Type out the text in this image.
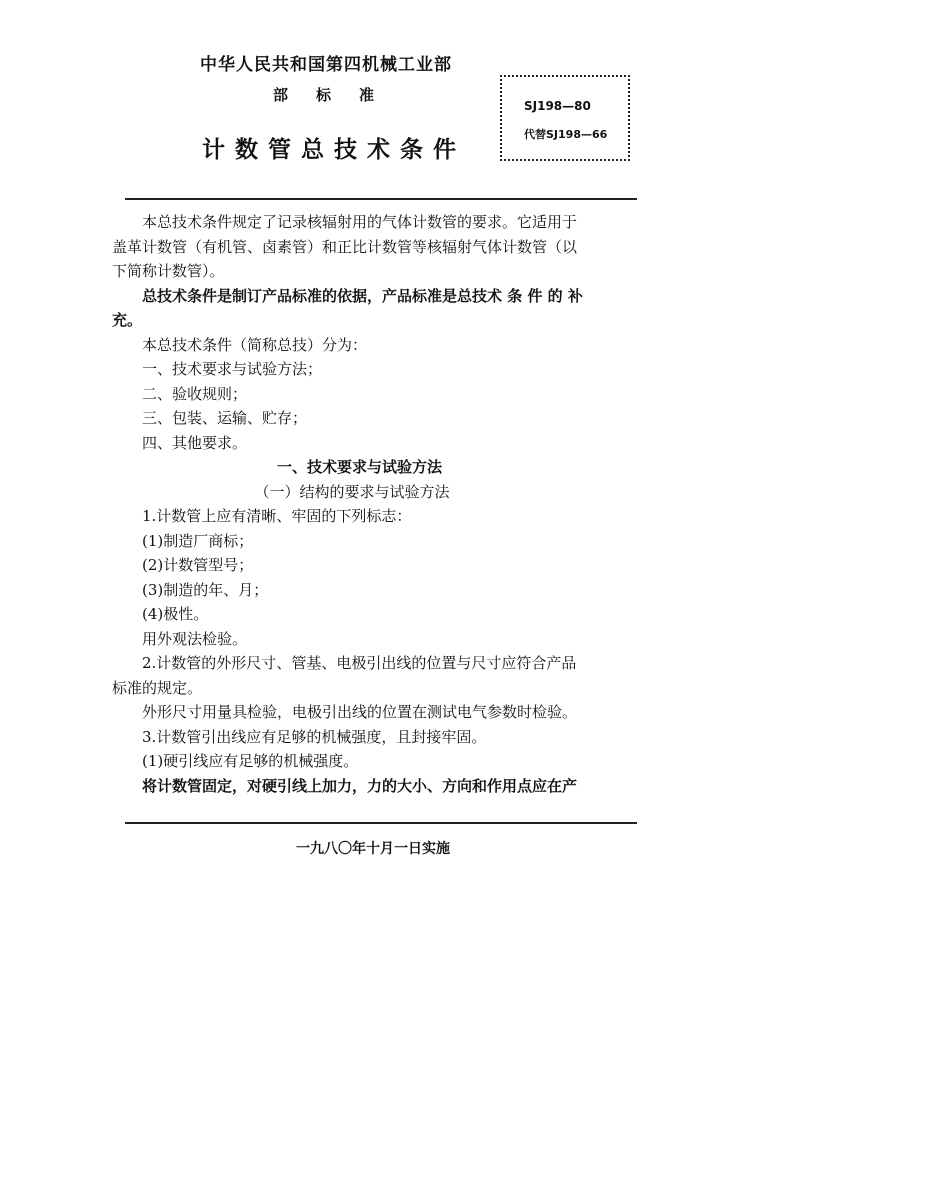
中华人民共和国第四机械工业部
部标准
计数管总技术条件
SJ198—80
代替SJ198—66
　　本总技术条件规定了记录核辐射用的气体计数管的要求。它适用于
盖革计数管（有机管、卤素管）和正比计数管等核辐射气体计数管（以
下简称计数管）。
　　总技术条件是制订产品标准的依据，产品标准是总技术 条 件 的 补
充。
　　本总技术条件（简称总技）分为：
　　一、技术要求与试验方法；
　　二、验收规则；
　　三、包装、运输、贮存；
　　四、其他要求。
　　　　　　　　　　　一、技术要求与试验方法
　　　　　　　　　　（一）结构的要求与试验方法
　　1.计数管上应有清晰、牢固的下列标志：
　　(1)制造厂商标；
　　(2)计数管型号；
　　(3)制造的年、月；
　　(4)极性。
　　用外观法检验。
　　2.计数管的外形尺寸、管基、电极引出线的位置与尺寸应符合产品
标准的规定。
　　外形尺寸用量具检验，电极引出线的位置在测试电气参数时检验。
　　3.计数管引出线应有足够的机械强度，且封接牢固。
　　(1)硬引线应有足够的机械强度。
　　将计数管固定，对硬引线上加力，力的大小、方向和作用点应在产
一九八〇年十月一日实施
